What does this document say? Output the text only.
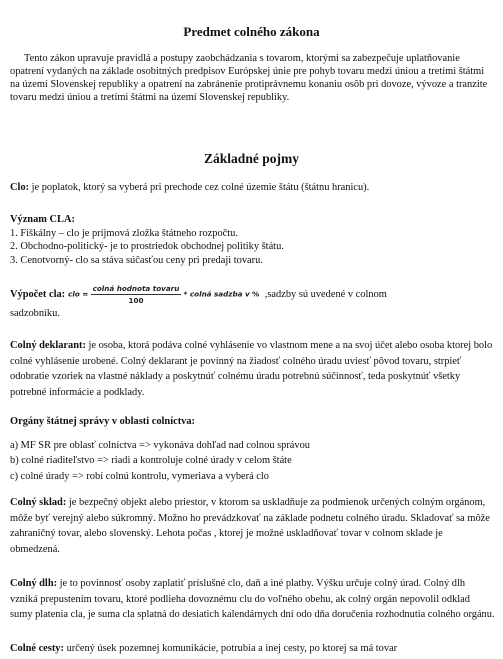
Predmet colného zákona
Tento zákon upravuje pravidlá a postupy zaobchádzania s tovarom, ktorými sa zabezpečuje uplatňovanie opatrení vydaných na základe osobitných predpisov Európskej únie pre pohyb tovaru medzi úniou a tretími štátmi na území Slovenskej republiky a opatrení na zabránenie protiprávnemu konaniu osôb pri dovoze, vývoze a tranzite tovaru medzi úniou a tretími štátmi na území Slovenskej republiky.
Základné pojmy
Clo: je poplatok, ktorý sa vyberá pri prechode cez colné územie štátu (štátnu hranicu).
Význam CLA:
1. Fiškálny – clo je príjmová zložka štátneho rozpočtu.
2. Obchodno-politický- je to prostriedok obchodnej politiky štátu.
3. Cenotvorný- clo sa stáva súčasťou ceny pri predaji tovaru.
Výpočet cla: clo = $\frac{\text{colná hodnota tovaru}}{100}$ * colná sadzba v % ,sadzby sú uvedené v colnom
sadzobníku.
Colný deklarant: je osoba, ktorá podáva colné vyhlásenie vo vlastnom mene a na svoj účet alebo osoba ktorej bolo colné vyhlásenie urobené. Colný deklarant je povinný na žiadosť colného úradu uviesť pôvod tovaru, strpieť odobratie vzoriek na vlastné náklady a poskytnúť colnému úradu potrebnú súčinnosť, teda poskytnúť všetky potrebné informácie a podklady.
Orgány štátnej správy v oblasti colníctva:
a) MF SR pre oblasť colníctva => vykonáva dohľad nad colnou správou
b) colné riaditeľstvo => riadi a kontroluje colné úrady v celom štáte
c) colné úrady => robí colnú kontrolu, vymeriava a vyberá clo
Colný sklad: je bezpečný objekt alebo priestor, v ktorom sa uskladňuje za podmienok určených colným orgánom, môže byť verejný alebo súkromný. Možno ho prevádzkovať na základe podnetu colného úradu. Skladovať sa môže zahraničný tovar, alebo slovenský. Lehota počas , ktorej je možné uskladňovať tovar v colnom sklade je obmedzená.
Colný dlh: je to povinnosť osoby zaplatiť príslušné clo, daň a iné platby. Výšku určuje colný úrad. Colný dlh vzniká prepustením tovaru, ktoré podlieha dovoznému clu do voľného obehu, ak colný orgán nepovolil odklad sumy platenia cla, je suma cla splatná do desiatich kalendárnych dní odo dňa doručenia rozhodnutia colného orgánu.
Colné cesty: určený úsek pozemnej komunikácie, potrubia a inej cesty, po ktorej sa má tovar
